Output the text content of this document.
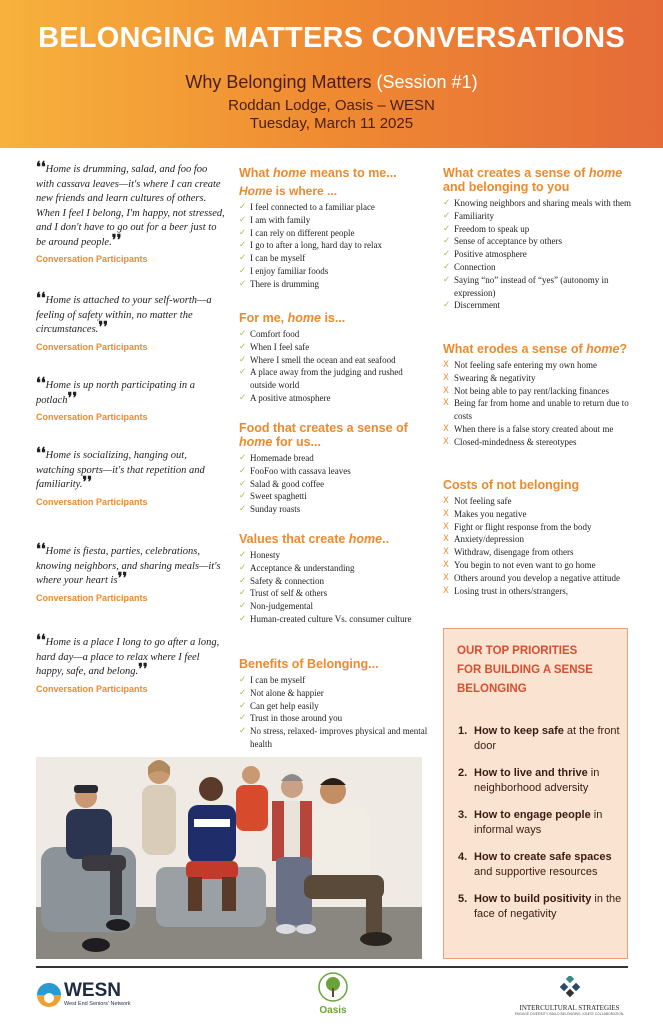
BELONGING MATTERS CONVERSATIONS
Why Belonging Matters (Session #1)
Roddan Lodge, Oasis – WESN
Tuesday, March 11 2025

❛❛Home is drumming, salad, and foo foo with cassava leaves—it's where I can create new friends and learn cultures of others. When I feel I belong, I'm happy, not stressed, and I don't have to go out for a beer just to be around people.❜❜

Conversation Participants

❛❛Home is attached to your self-worth—a feeling of safety within, no matter the circumstances.❜❜

Conversation Participants

❛❛Home is up north participating in a potlach❜❜

Conversation Participants

❛❛Home is socializing, hanging out, watching sports—it's that repetition and familiarity.❜❜

Conversation Participants

❛❛Home is fiesta, parties, celebrations, knowing neighbors, and sharing meals—it's where your heart is❜❜

Conversation Participants

❛❛Home is a place I long to go after a long, hard day—a place to relax where I feel happy, safe, and belong.❜❜

Conversation Participants
What home means to me...
Home is where ...
✓ I feel connected to a familiar place
✓ I am with family
✓ I can rely on different people
✓ I go to after a long, hard day to relax
✓ I can be myself
✓ I enjoy familiar foods
✓ There is drumming
For me, home is...
✓ Comfort food
✓ When I feel safe
✓ Where I smell the ocean and eat seafood
✓ A place away from the judging and rushed outside world
✓ A positive atmosphere
Food that creates a sense of home for us...
✓ Homemade bread
✓ FooFoo with cassava leaves
✓ Salad & good coffee
✓ Sweet spaghetti
✓ Sunday roasts
Values that create home..
✓ Honesty
✓ Acceptance & understanding
✓ Safety & connection
✓ Trust of self & others
✓ Non-judgemental
✓ Human-created culture Vs. consumer culture
Benefits of Belonging...
✓ I can be myself
✓ Not alone & happier
✓ Can get help easily
✓ Trust in those around you
✓ No stress, relaxed- improves physical and mental health
What creates a sense of home and belonging to you
✓ Knowing neighbors and sharing meals with them
✓ Familiarity
✓ Freedom to speak up
✓ Sense of acceptance by others
✓ Positive atmosphere
✓ Connection
✓ Saying “no” instead of “yes” (autonomy in expression)
✓ Discernment
What erodes a sense of home?
X Not feeling safe entering my own home
X Swearing & negativity
X Not being able to pay rent/lacking finances
X Being far from home and unable to return due to costs
X When there is a false story created about me
X Closed-mindedness & stereotypes
Costs of not belonging
X Not feeling safe
X Makes you negative
X Fight or flight response from the body
X Anxiety/depression
X Withdraw, disengage from others
X You begin to not even want to go home
X Others around you develop a negative attitude
X Losing trust in others/strangers,
OUR TOP PRIORITIES
FOR BUILDING A SENSE
BELONGING
1. How to keep safe at the front door
2. How to live and thrive in neighborhood adversity
3. How to engage people in informal ways
4. How to create safe spaces and supportive resources
5. How to build positivity in the face of negativity
WESN
West End Seniors' Network
Oasis	INTERCULTURAL STRATEGIES
ENGAGE DIVERSITY. BUILD BELONGING. IGNITE COLLABORATION.
